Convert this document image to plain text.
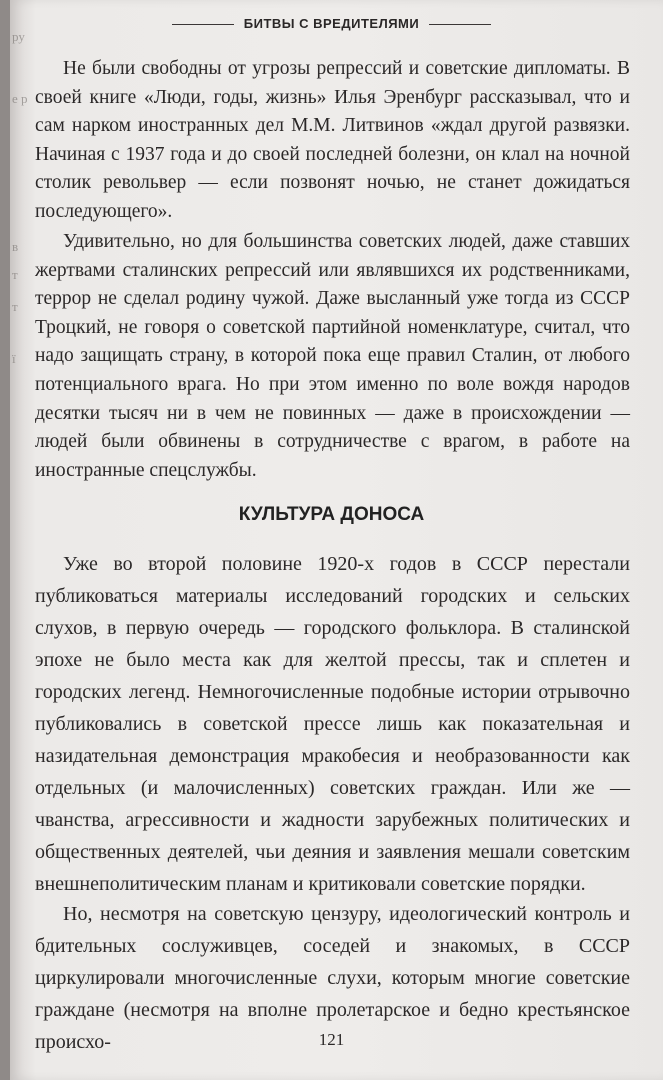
ру
е р
в
т
т
ї
БИТВЫ С ВРЕДИТЕЛЯМИ

Не были свободны от угрозы репрессий и советские дипломаты. В своей книге «Люди, годы, жизнь» Илья Эренбург рассказывал, что и сам нарком иностранных дел М.М. Литвинов «ждал другой развязки. Начиная с 1937 года и до своей последней болезни, он клал на ночной столик револьвер — если позвонят ночью, не станет дожидаться последующего».

Удивительно, но для большинства советских людей, даже ставших жертвами сталинских репрессий или являвшихся их родственниками, террор не сделал родину чужой. Даже высланный уже тогда из СССР Троцкий, не говоря о советской партийной номенклатуре, считал, что надо защищать страну, в которой пока еще правил Сталин, от любого потенциального врага. Но при этом именно по воле вождя народов десятки тысяч ни в чем не повинных — даже в происхождении — людей были обвинены в сотрудничестве с врагом, в работе на иностранные спецслужбы.

КУЛЬТУРА ДОНОСА

Уже во второй половине 1920-х годов в СССР перестали публиковаться материалы исследований городских и сельских слухов, в первую очередь — городского фольклора. В сталинской эпохе не было места как для желтой прессы, так и сплетен и городских легенд. Немногочисленные подобные истории отрывочно публиковались в советской прессе лишь как показательная и назидательная демонстрация мракобесия и необразованности как отдельных (и малочисленных) советских граждан. Или же — чванства, агрессивности и жадности зарубежных политических и общественных деятелей, чьи деяния и заявления мешали советским внешнеполитическим планам и критиковали советские порядки.

Но, несмотря на советскую цензуру, идеологический контроль и бдительных сослуживцев, соседей и знакомых, в СССР циркулировали многочисленные слухи, которым многие советские граждане (несмотря на вполне пролетарское и бедно крестьянское происхо-	121
